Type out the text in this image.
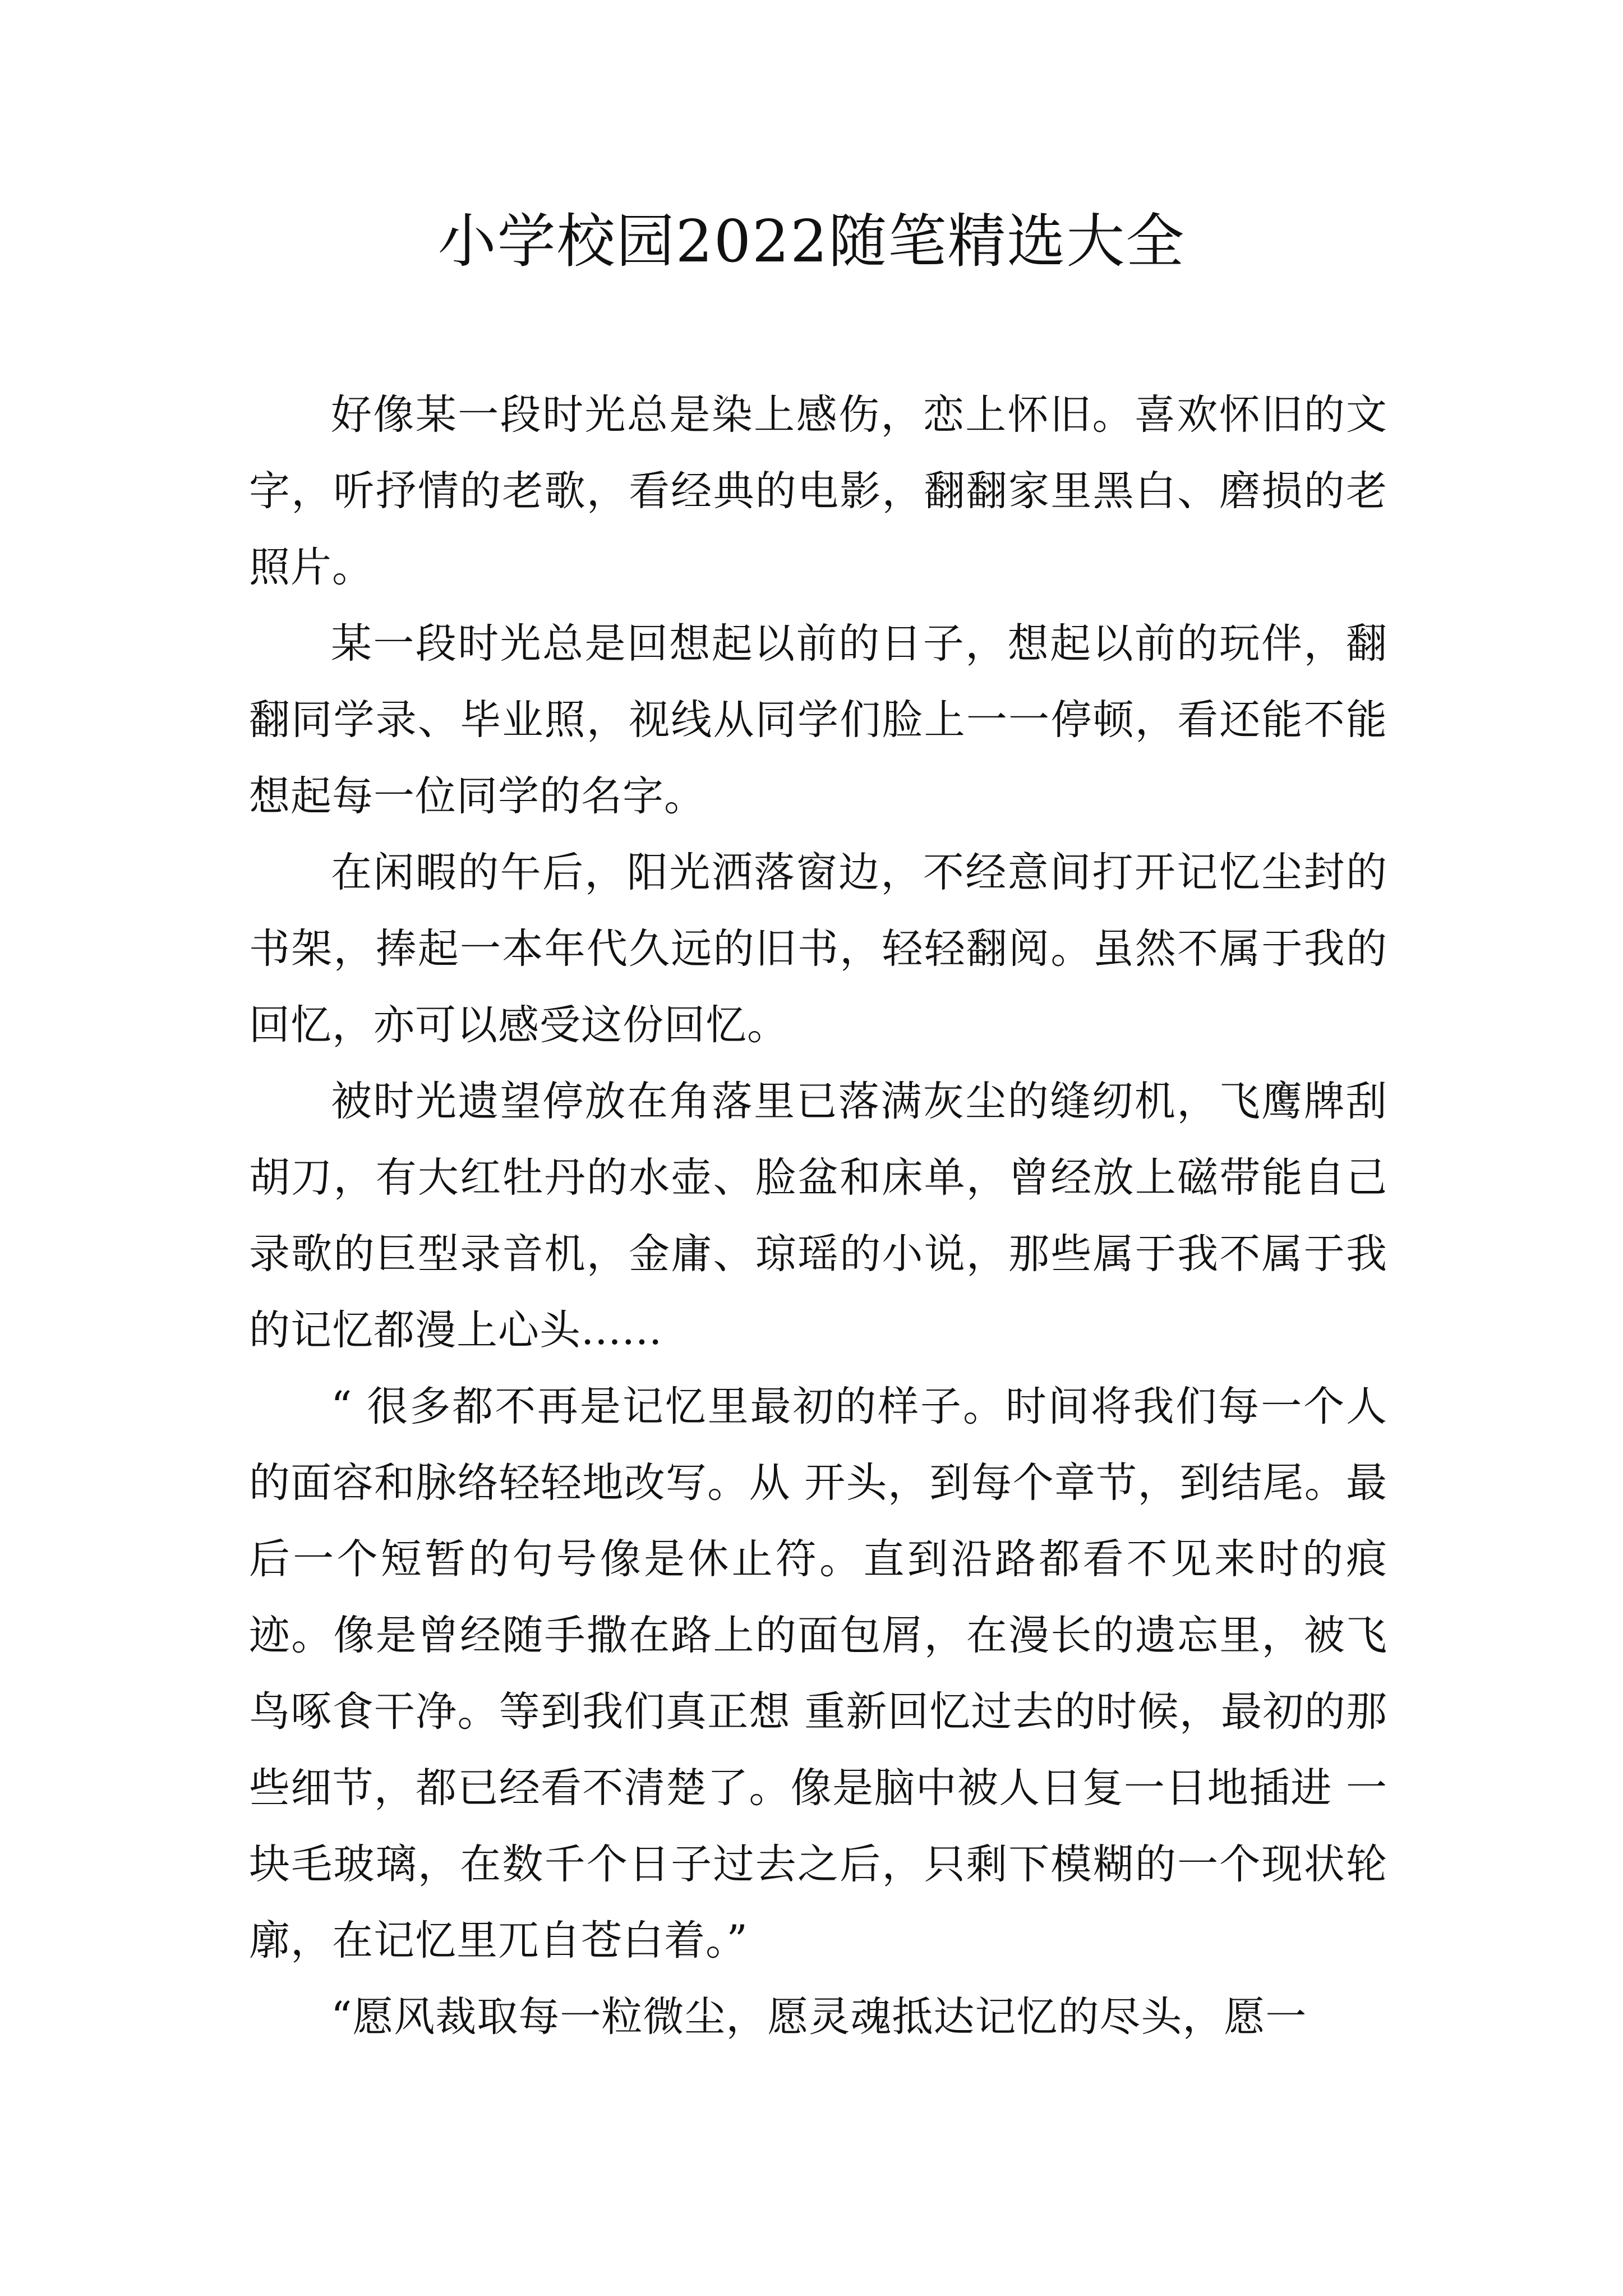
小学校园2022随笔精选大全

好像某一段时光总是染上感伤，恋上怀旧。喜欢怀旧的文字，听抒情的老歌，看经典的电影，翻翻家里黑白、磨损的老照片。

某一段时光总是回想起以前的日子，想起以前的玩伴，翻翻同学录、毕业照，视线从同学们脸上一一停顿，看还能不能想起每一位同学的名字。

在闲暇的午后，阳光洒落窗边，不经意间打开记忆尘封的书架，捧起一本年代久远的旧书，轻轻翻阅。虽然不属于我的回忆，亦可以感受这份回忆。

被时光遗望停放在角落里已落满灰尘的缝纫机，飞鹰牌刮胡刀，有大红牡丹的水壶、脸盆和床单，曾经放上磁带能自己录歌的巨型录音机，金庸、琼瑶的小说，那些属于我不属于我的记忆都漫上心头......

“ 很多都不再是记忆里最初的样子。时间将我们每一个人的面容和脉络轻轻地改写。从 开头，到每个章节，到结尾。最后一个短暂的句号像是休止符。直到沿路都看不见来时的痕 迹。像是曾经随手撒在路上的面包屑，在漫长的遗忘里，被飞鸟啄食干净。等到我们真正想 重新回忆过去的时候，最初的那些细节，都已经看不清楚了。像是脑中被人日复一日地插进 一块毛玻璃，在数千个日子过去之后，只剩下模糊的一个现状轮廓，在记忆里兀自苍白着。”

“愿风裁取每一粒微尘，愿灵魂抵达记忆的尽头，愿一
